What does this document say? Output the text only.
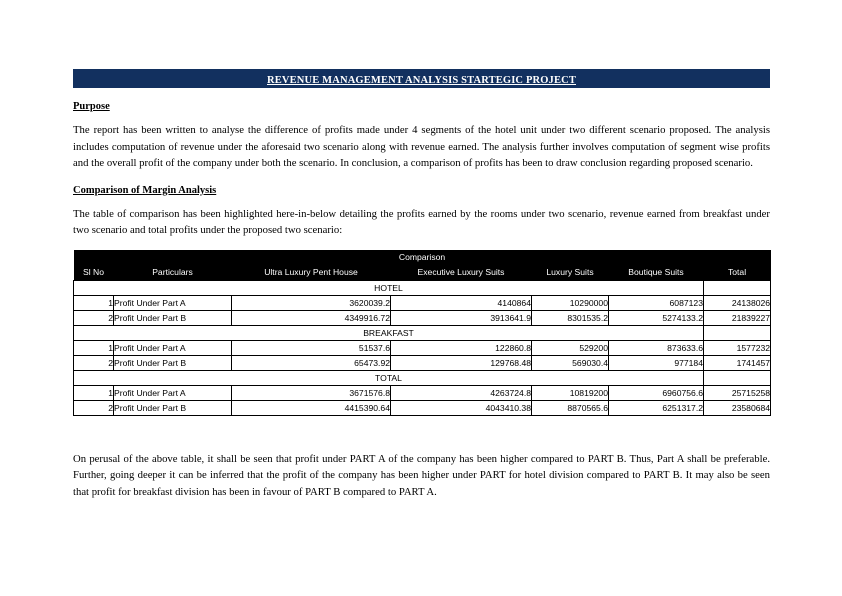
REVENUE MANAGEMENT ANALYSIS STARTEGIC PROJECT
Purpose

The report has been written to analyse the difference of profits made under 4 segments of the hotel unit under two different scenario proposed. The analysis includes computation of revenue under the aforesaid two scenario along with revenue earned. The analysis further involves computation of segment wise profits and the overall profit of the company under both the scenario. In conclusion, a comparison of profits has been to draw conclusion regarding proposed scenario.

Comparison of Margin Analysis

The table of comparison has been highlighted here-in-below detailing the profits earned by the rooms under two scenario, revenue earned from breakfast under two scenario and total profits under the proposed two scenario:

Comparison						
Sl No	Particulars	Ultra Luxury Pent House	Executive Luxury Suits	Luxury Suits	Boutique Suits	Total
HOTEL						
1	Profit Under Part A	3620039.2	4140864	10290000	6087123	24138026
2	Profit Under Part B	4349916.72	3913641.9	8301535.2	5274133.2	21839227
BREAKFAST						
1	Profit Under Part A	51537.6	122860.8	529200	873633.6	1577232
2	Profit Under Part B	65473.92	129768.48	569030.4	977184	1741457
TOTAL						
1	Profit Under Part A	3671576.8	4263724.8	10819200	6960756.6	25715258
2	Profit Under Part B	4415390.64	4043410.38	8870565.6	6251317.2	23580684

On perusal of the above table, it shall be seen that profit under PART A of the company has been higher compared to PART B. Thus, Part A shall be preferable. Further, going deeper it can be inferred that the profit of the company has been higher under PART for hotel division compared to PART B. It may also be seen that profit for breakfast division has been in favour of PART B compared to PART A.
